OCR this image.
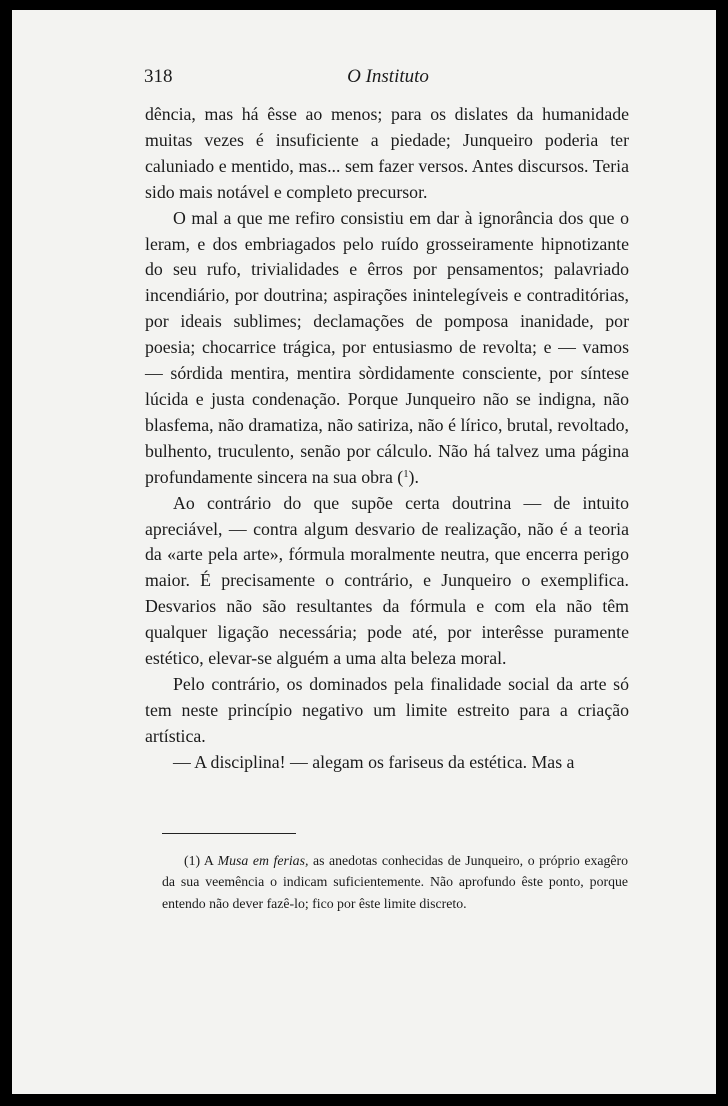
318	O Instituto

dência, mas há êsse ao menos; para os dislates da humanidade muitas vezes é insuficiente a piedade; Junqueiro poderia ter caluniado e mentido, mas... sem fazer versos. Antes discursos. Teria sido mais notável e completo precursor.

O mal a que me refiro consistiu em dar à ignorância dos que o leram, e dos embriagados pelo ruído grosseiramente hipnotizante do seu rufo, trivialidades e êrros por pensamentos; palavriado incendiário, por doutrina; aspirações inintelegíveis e contraditórias, por ideais sublimes; declamações de pomposa inanidade, por poesia; chocarrice trágica, por entusiasmo de revolta; e — vamos — sórdida mentira, mentira sòrdidamente consciente, por síntese lúcida e justa condenação. Porque Junqueiro não se indigna, não blasfema, não dramatiza, não satiriza, não é lírico, brutal, revoltado, bulhento, truculento, senão por cálculo. Não há talvez uma página profundamente sincera na sua obra ($^1$).

Ao contrário do que supõe certa doutrina — de intuito apreciável, — contra algum desvario de realização, não é a teoria da «arte pela arte», fórmula moralmente neutra, que encerra perigo maior. É precisamente o contrário, e Junqueiro o exemplifica. Desvarios não são resultantes da fórmula e com ela não têm qualquer ligação necessária; pode até, por interêsse puramente estético, elevar-se alguém a uma alta beleza moral.

Pelo contrário, os dominados pela finalidade social da arte só tem neste princípio negativo um limite estreito para a criação artística.

— A disciplina! — alegam os fariseus da estética. Mas a

(1) A Musa em ferias, as anedotas conhecidas de Junqueiro, o próprio exagêro da sua veemência o indicam suficientemente. Não aprofundo êste ponto, porque entendo não dever fazê-lo; fico por êste limite discreto.
